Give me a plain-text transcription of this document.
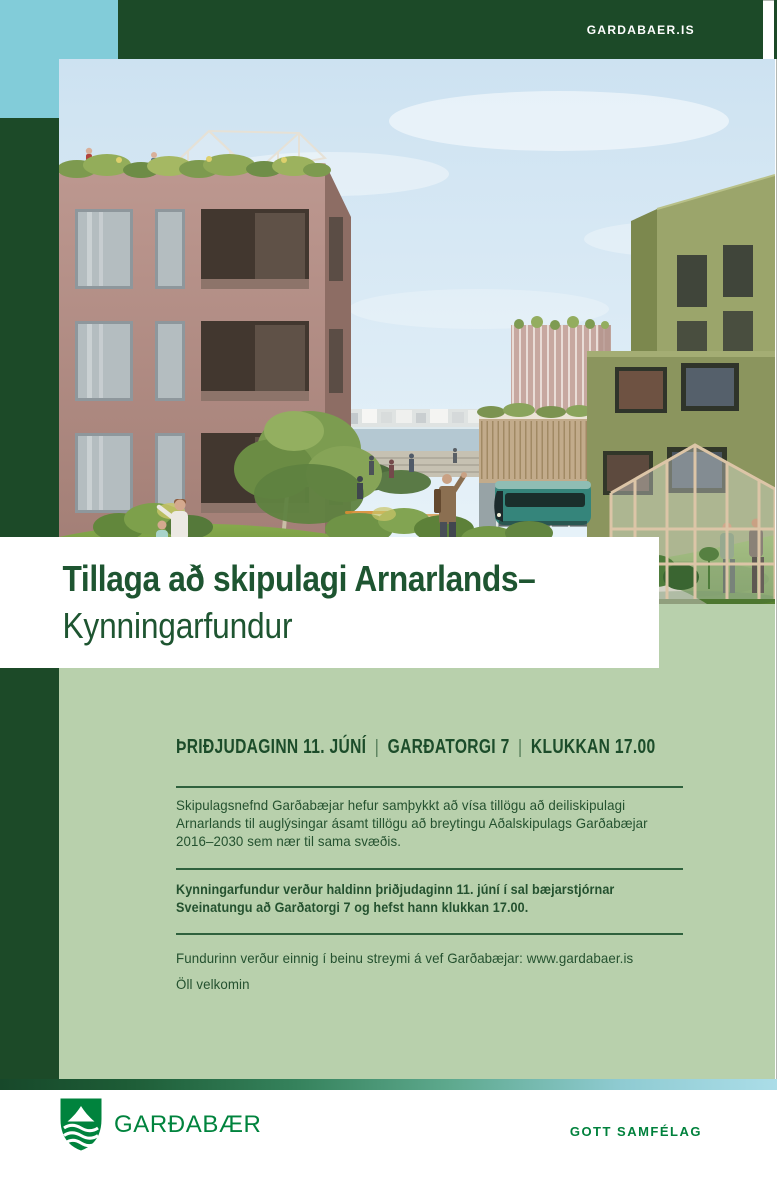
GARDABAER.IS
Tillaga að skipulagi Arnarlands–
Kynningarfundur
ÞRIÐJUDAGINN 11. JÚNÍ | GARÐATORGI 7 | KLUKKAN 17.00
Skipulagsnefnd Garðabæjar hefur samþykkt að vísa tillögu að deiliskipulagi
Arnarlands til auglýsingar ásamt tillögu að breytingu Aðalskipulags Garðabæjar
2016–2030 sem nær til sama svæðis.
Kynningarfundur verður haldinn þriðjudaginn 11. júní í sal bæjarstjórnar
Sveinatungu að Garðatorgi 7 og hefst hann klukkan 17.00.
Fundurinn verður einnig í beinu streymi á vef Garðabæjar: www.gardabaer.is
Öll velkomin
GARÐABÆR	GOTT SAMFÉLAG
